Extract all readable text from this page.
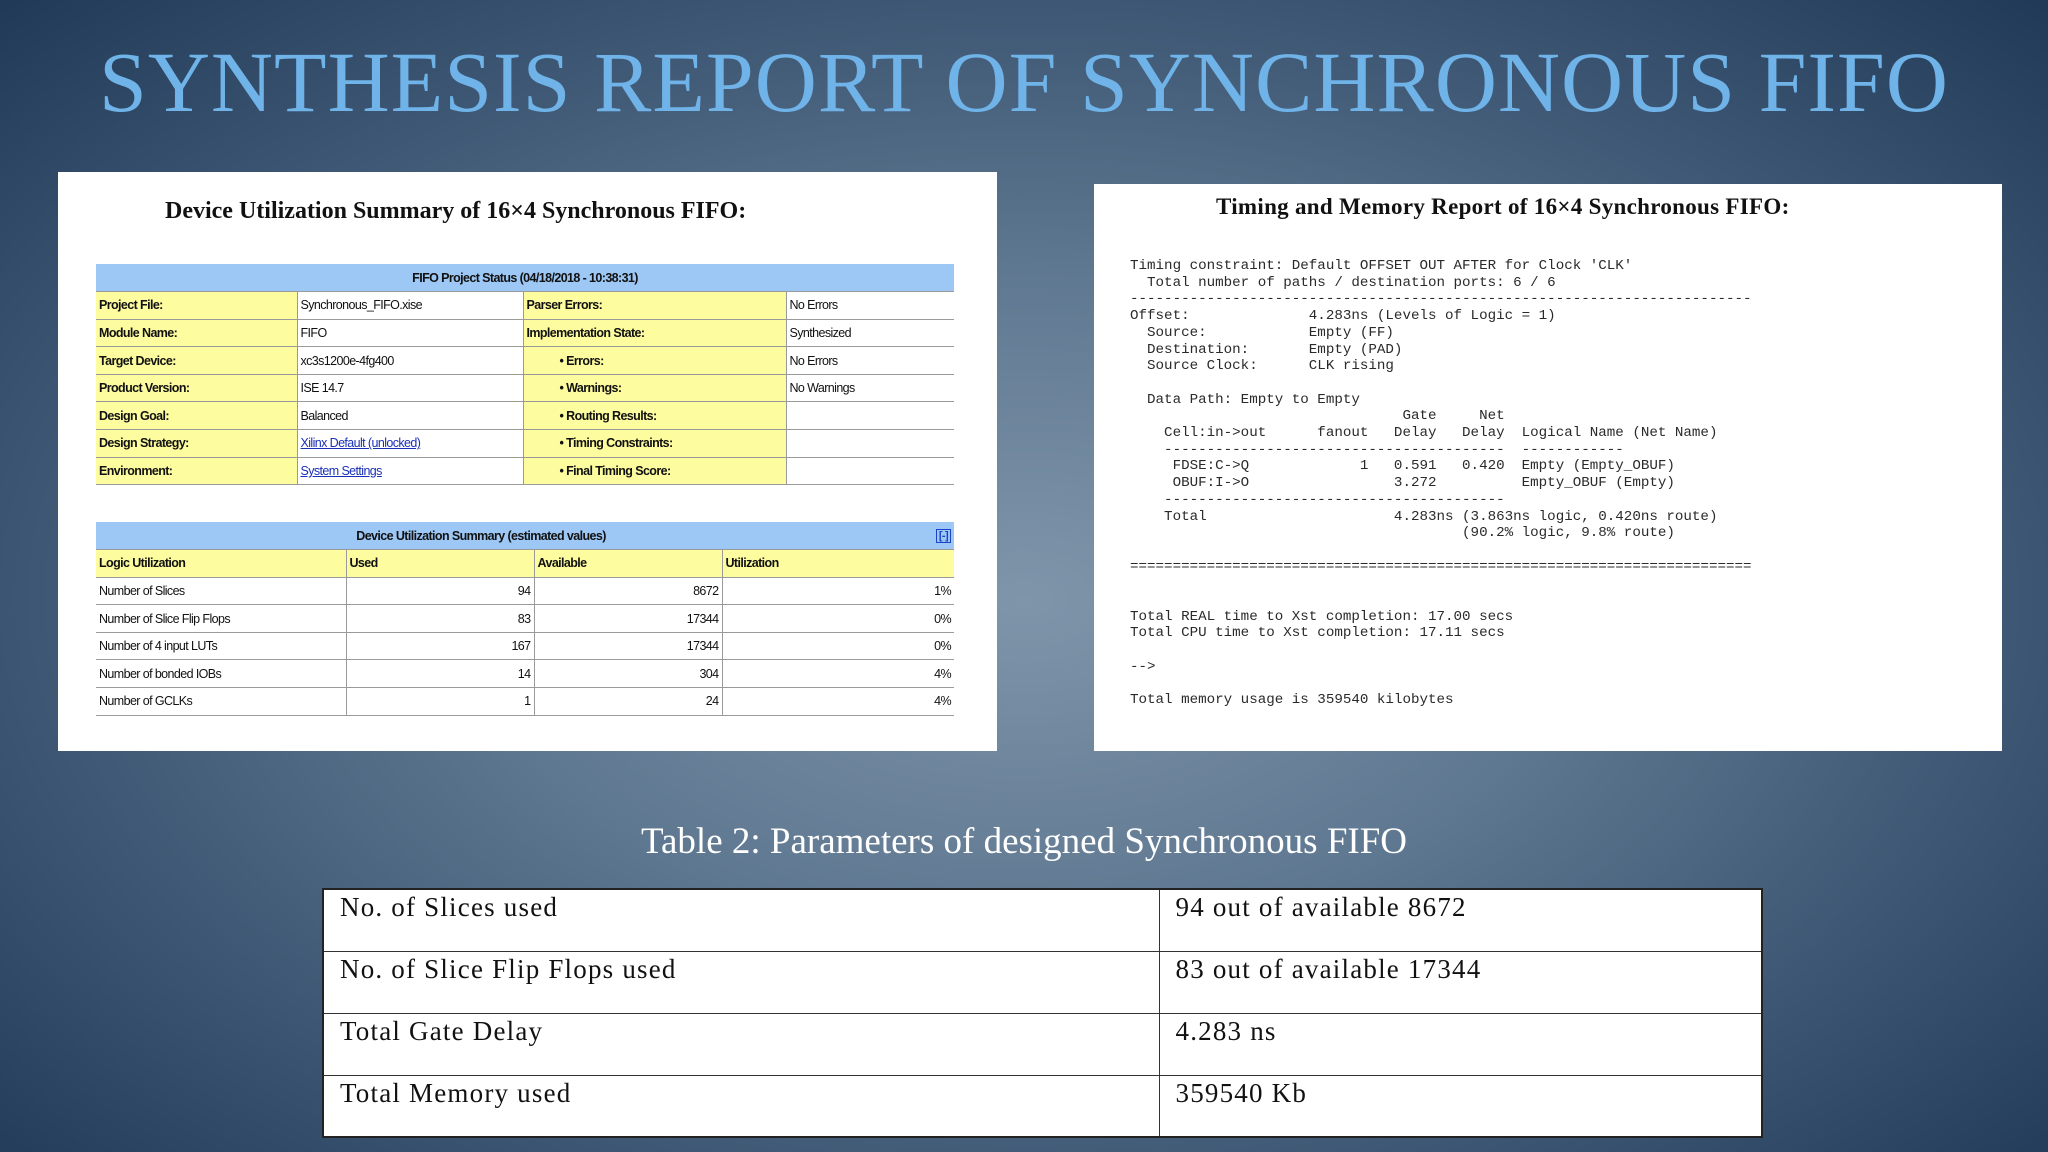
SYNTHESIS REPORT OF SYNCHRONOUS FIFO
Device Utilization Summary of 16×4 Synchronous FIFO:
FIFO Project Status (04/18/2018 - 10:38:31)			
Project File:	Synchronous_FIFO.xise	Parser Errors:	No Errors
Module Name:	FIFO	Implementation State:	Synthesized
Target Device:	xc3s1200e-4fg400	• Errors:	No Errors
Product Version:	ISE 14.7	• Warnings:	No Warnings
Design Goal:	Balanced	• Routing Results:	
Design Strategy:	Xilinx Default (unlocked)	• Timing Constraints:	
Environment:	System Settings	• Final Timing Score:	
Device Utilization Summary (estimated values)				[-]
Logic Utilization	Used	Available	Utilization	
Number of Slices	94	8672	1%	
Number of Slice Flip Flops	83	17344	0%	
Number of 4 input LUTs	167	17344	0%	
Number of bonded IOBs	14	304	4%	
Number of GCLKs	1	24	4%	
Timing and Memory Report of 16×4 Synchronous FIFO:
Timing constraint: Default OFFSET OUT AFTER for Clock 'CLK'
Total number of paths / destination ports: 6 / 6
-------------------------------------------------------------------------
Offset:              4.283ns (Levels of Logic = 1)
Source:            Empty (FF)
Destination:       Empty (PAD)
Source Clock:      CLK rising
Data Path: Empty to Empty
Gate     Net
Cell:in->out      fanout   Delay   Delay  Logical Name (Net Name)
----------------------------------------  ------------
FDSE:C->Q             1   0.591   0.420  Empty (Empty_OBUF)
OBUF:I->O                 3.272          Empty_OBUF (Empty)
----------------------------------------
Total                      4.283ns (3.863ns logic, 0.420ns route)
(90.2% logic, 9.8% route)
=========================================================================
Total REAL time to Xst completion: 17.00 secs
Total CPU time to Xst completion: 17.11 secs
-->
Total memory usage is 359540 kilobytes
Table 2: Parameters of designed Synchronous FIFO
No. of Slices used	94 out of available 8672
No. of Slice Flip Flops used	83 out of available 17344
Total Gate Delay	4.283 ns
Total Memory used	359540 Kb
